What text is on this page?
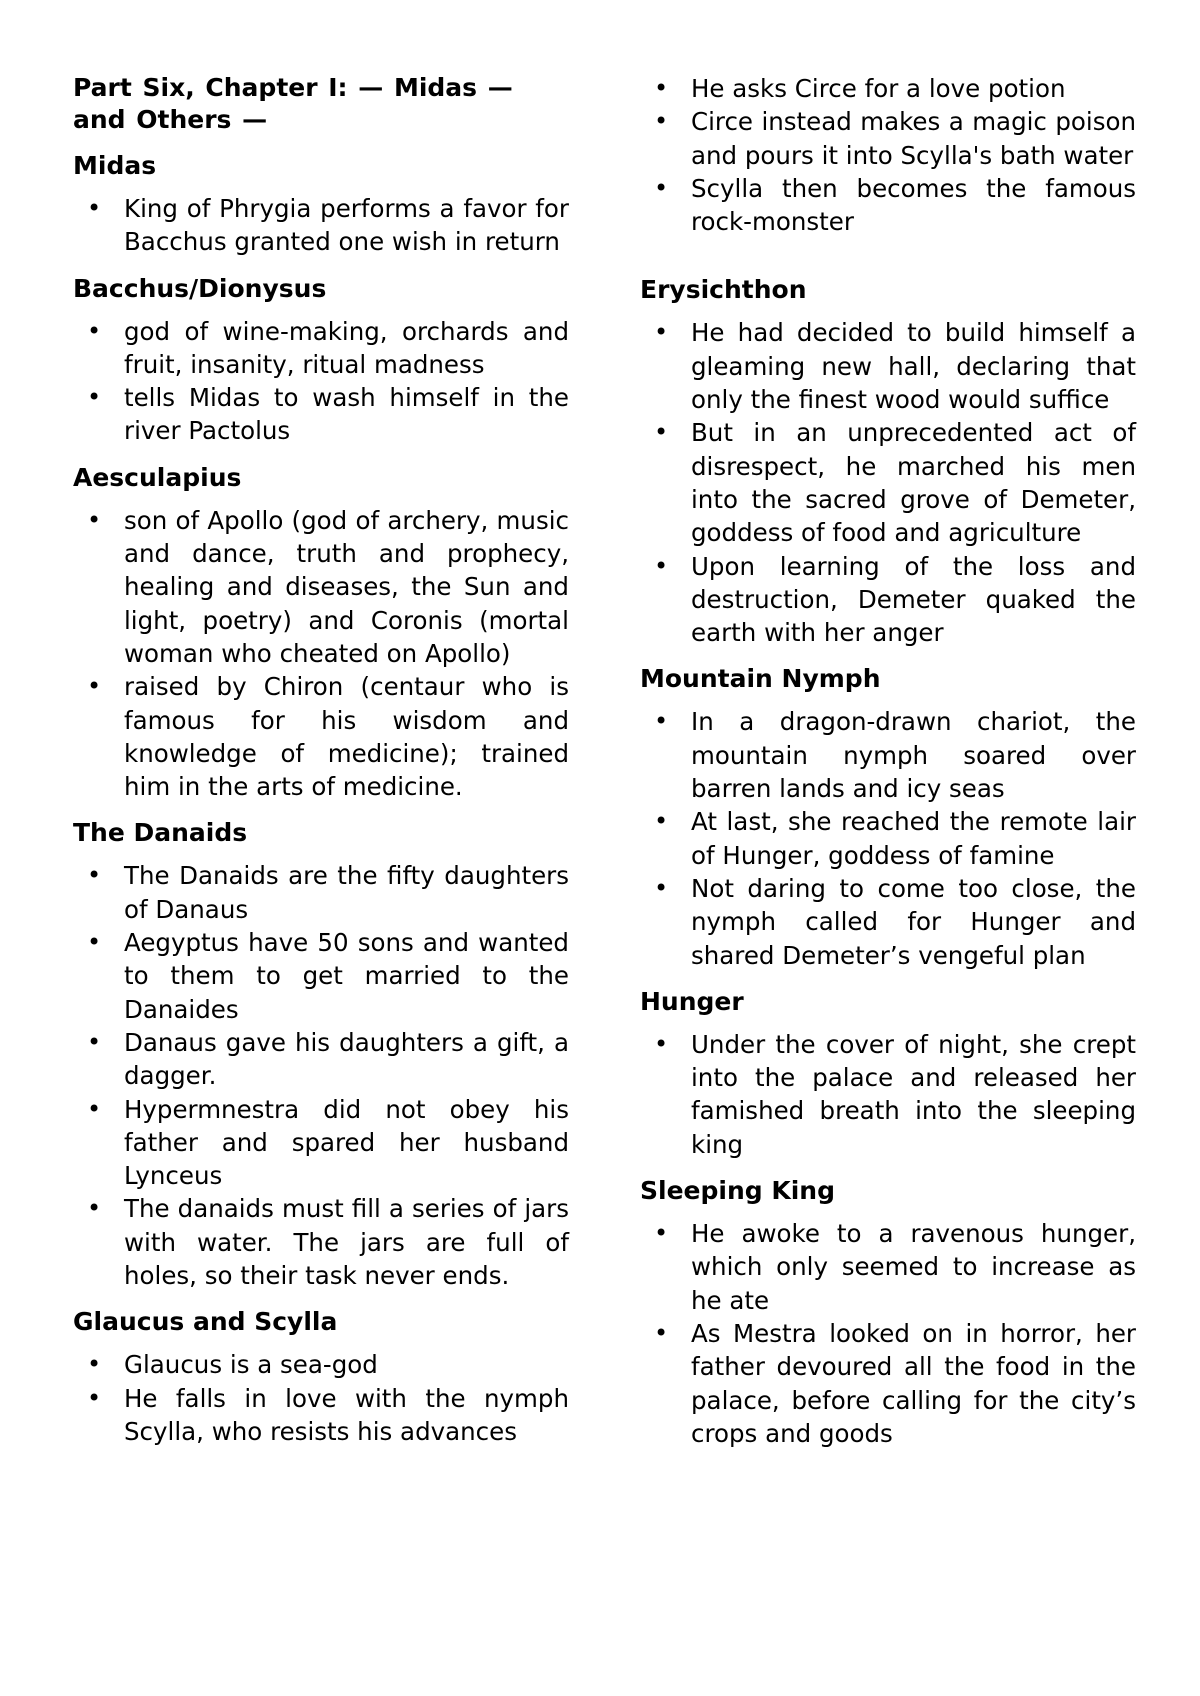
Part Six, Chapter I: — Midas — and Others —
Midas
• King of Phrygia performs a favor for Bacchus granted one wish in return
Bacchus/Dionysus
• god of wine-making, orchards and fruit, insanity, ritual madness
• tells Midas to wash himself in the river Pactolus
Aesculapius
• son of Apollo (god of archery, music and dance, truth and prophecy, healing and diseases, the Sun and light, poetry) and Coronis (mortal woman who cheated on Apollo)
• raised by Chiron (centaur who is famous for his wisdom and knowledge of medicine); trained him in the arts of medicine.
The Danaids
• The Danaids are the fifty daughters of Danaus
• Aegyptus have 50 sons and wanted to them to get married to the Danaides
• Danaus gave his daughters a gift, a dagger.
• Hypermnestra did not obey his father and spared her husband Lynceus
• The danaids must fill a series of jars with water. The jars are full of holes, so their task never ends.
Glaucus and Scylla
• Glaucus is a sea-god
• He falls in love with the nymph Scylla, who resists his advances
• He asks Circe for a love potion
• Circe instead makes a magic poison and pours it into Scylla's bath water
• Scylla then becomes the famous rock-monster
Erysichthon
• He had decided to build himself a gleaming new hall, declaring that only the finest wood would suffice
• But in an unprecedented act of disrespect, he marched his men into the sacred grove of Demeter, goddess of food and agriculture
• Upon learning of the loss and destruction, Demeter quaked the earth with her anger
Mountain Nymph
• In a dragon-drawn chariot, the mountain nymph soared over barren lands and icy seas
• At last, she reached the remote lair of Hunger, goddess of famine
• Not daring to come too close, the nymph called for Hunger and shared Demeter’s vengeful plan
Hunger
• Under the cover of night, she crept into the palace and released her famished breath into the sleeping king
Sleeping King
• He awoke to a ravenous hunger, which only seemed to increase as he ate
• As Mestra looked on in horror, her father devoured all the food in the palace, before calling for the city’s crops and goods
